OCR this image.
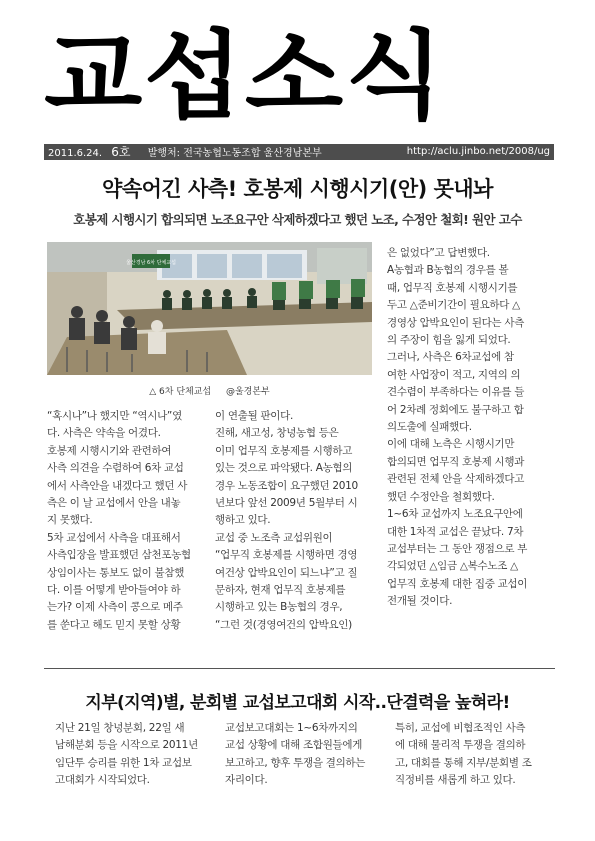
교섭소식
2011.6.24. 6호 발행처: 전국농협노동조합 울산경남본부	http://aclu.jinbo.net/2008/ug
약속어긴 사측! 호봉제 시행시기(안) 못내놔
호봉제 시행시기 합의되면 노조요구안 삭제하겠다고 했던 노조, 수정안 철회! 원안 고수
울산경남 6차 단체교섭
△ 6차 단체교섭 @울경본부
“혹시나”나 했지만 “역시나”였
다. 사측은 약속을 어겼다.
호봉제 시행시기와 관련하여
사측 의견을 수렴하여 6차 교섭
에서 사측안을 내겠다고 했던 사
측은 이 날 교섭에서 안을 내놓
지 못했다.
5차 교섭에서 사측을 대표해서
사측입장을 발표했던 삼천포농협
상임이사는 통보도 없이 불참했
다. 이를 어떻게 받아들여야 하
는가? 이제 사측이 콩으로 메주
를 쑨다고 해도 믿지 못할 상황
이 연출될 판이다.
진해, 새고성, 창녕농협 등은
이미 업무직 호봉제를 시행하고
있는 것으로 파악됐다. A농협의
경우 노동조합이 요구했던 2010
년보다 앞선 2009년 5월부터 시
행하고 있다.
교섭 중 노조측 교섭위원이
“업무직 호봉제를 시행하면 경영
여건상 압박요인이 되느냐”고 질
문하자, 현재 업무직 호봉제를
시행하고 있는 B농협의 경우,
“그런 것(경영여건의 압박요인)
은 없었다”고 답변했다.
A농협과 B농협의 경우를 볼
때, 업무직 호봉제 시행시기를
두고 △준비기간이 필요하다 △
경영상 압박요인이 된다는 사측
의 주장이 힘을 잃게 되었다.
그러나, 사측은 6차교섭에 참
여한 사업장이 적고, 지역의 의
견수렴이 부족하다는 이유를 들
어 2차례 정회에도 불구하고 합
의도출에 실패했다.
이에 대해 노측은 시행시기만
합의되면 업무직 호봉제 시행과
관련된 전체 안을 삭제하겠다고
했던 수정안을 철회했다.
1~6차 교섭까지 노조요구안에
대한 1차적 교섭은 끝났다. 7차
교섭부터는 그 동안 쟁점으로 부
각되었던 △임금 △복수노조 △
업무직 호봉제 대한 집중 교섭이
전개될 것이다.
지부(지역)별, 분회별 교섭보고대회 시작..단결력을 높혀라!
지난 21일 창녕분회, 22일 새
남해분회 등을 시작으로 2011년
임단투 승리를 위한 1차 교섭보
고대회가 시작되었다.
교섭보고대회는 1~6차까지의
교섭 상황에 대해 조합원들에게
보고하고, 향후 투쟁을 결의하는
자리이다.
특히, 교섭에 비협조적인 사측
에 대해 물리적 투쟁을 결의하
고, 대회를 통해 지부/분회별 조
직정비를 새롭게 하고 있다.
